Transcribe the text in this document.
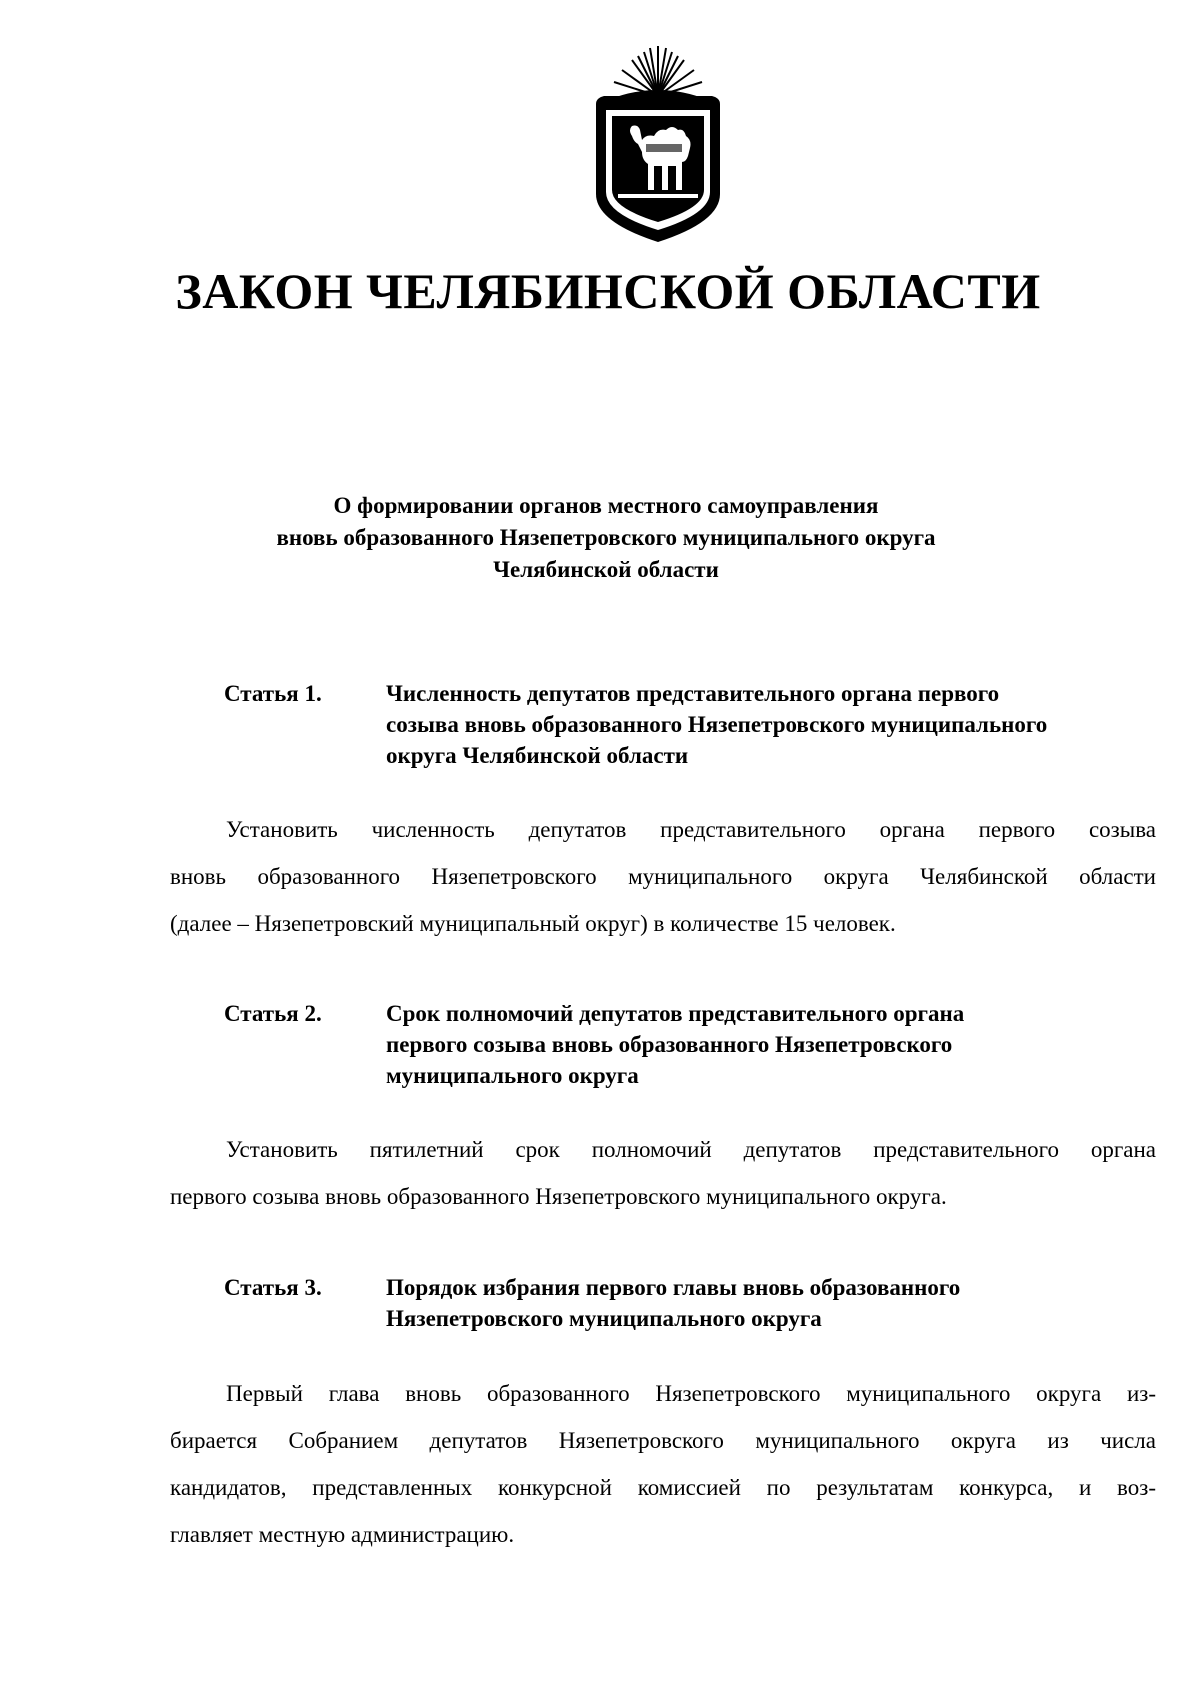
ЗАКОН ЧЕЛЯБИНСКОЙ ОБЛАСТИ
О формировании органов местного самоуправления
вновь образованного Нязепетровского муниципального округа
Челябинской области
Статья 1.	Численность депутатов представительного органа первого
созыва вновь образованного Нязепетровского муниципального
округа Челябинской области
Установить численность депутатов представительного органа первого созыва
вновь образованного Нязепетровского муниципального округа Челябинской области
(далее – Нязепетровский муниципальный округ) в количестве 15 человек.
Статья 2.	Срок полномочий депутатов представительного органа
первого созыва вновь образованного Нязепетровского
муниципального округа
Установить пятилетний срок полномочий депутатов представительного органа
первого созыва вновь образованного Нязепетровского муниципального округа.
Статья 3.	Порядок избрания первого главы вновь образованного
Нязепетровского муниципального округа
Первый глава вновь образованного Нязепетровского муниципального округа из-
бирается Собранием депутатов Нязепетровского муниципального округа из числа
кандидатов, представленных конкурсной комиссией по результатам конкурса, и воз-
главляет местную администрацию.
